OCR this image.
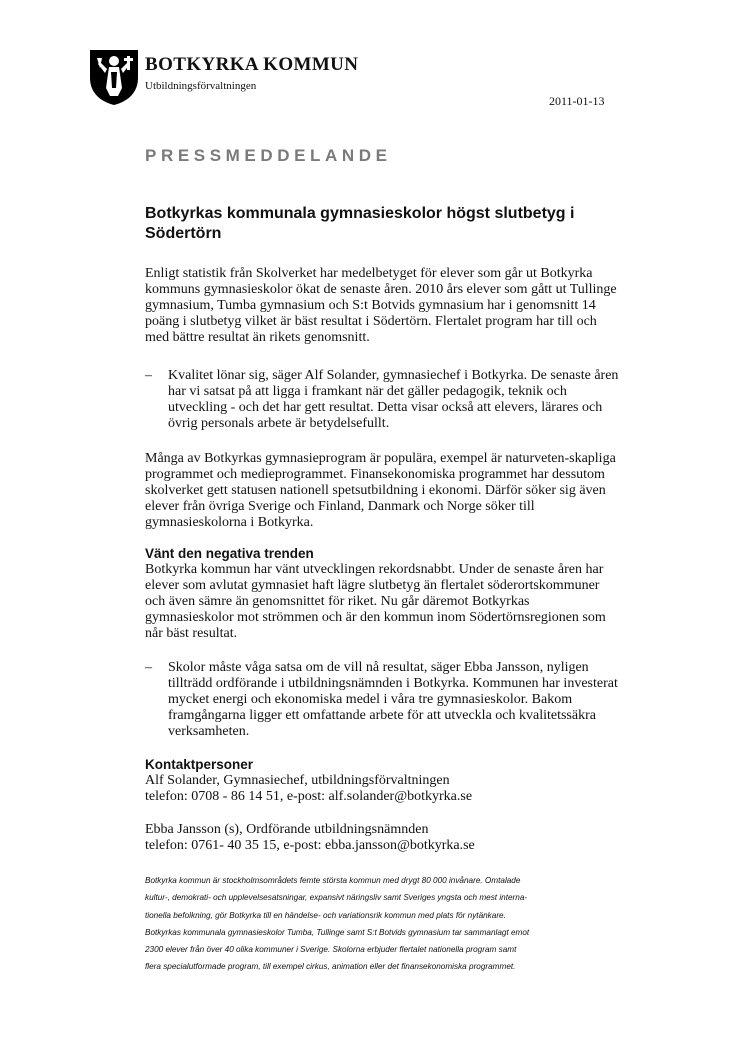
BOTKYRKA KOMMUN
Utbildningsförvaltningen
2011-01-13
PRESSMEDDELANDE
Botkyrkas kommunala gymnasieskolor högst slutbetyg i Södertörn
Enligt statistik från Skolverket har medelbetyget för elever som går ut Botkyrka kommuns gymnasieskolor ökat de senaste åren. 2010 års elever som gått ut Tullinge gymnasium, Tumba gymnasium och S:t Botvids gymnasium har i genomsnitt 14 poäng i slutbetyg vilket är bäst resultat i Södertörn. Flertalet program har till och med bättre resultat än rikets genomsnitt.
– Kvalitet lönar sig, säger Alf Solander, gymnasiechef i Botkyrka. De senaste åren har vi satsat på att ligga i framkant när det gäller pedagogik, teknik och utveckling - och det har gett resultat. Detta visar också att elevers, lärares och övrig personals arbete är betydelsefullt.
Många av Botkyrkas gymnasieprogram är populära, exempel är naturveten-skapliga programmet och medieprogrammet. Finansekonomiska programmet har dessutom skolverket gett statusen nationell spetsutbildning i ekonomi. Därför söker sig även elever från övriga Sverige och Finland, Danmark och Norge söker till gymnasieskolorna i Botkyrka.
Vänt den negativa trenden
Botkyrka kommun har vänt utvecklingen rekordsnabbt. Under de senaste åren har elever som avlutat gymnasiet haft lägre slutbetyg än flertalet söderortskommuner och även sämre än genomsnittet för riket. Nu går däremot Botkyrkas gymnasieskolor mot strömmen och är den kommun inom Södertörnsregionen som når bäst resultat.
– Skolor måste våga satsa om de vill nå resultat, säger Ebba Jansson, nyligen tillträdd ordförande i utbildningsnämnden i Botkyrka. Kommunen har investerat mycket energi och ekonomiska medel i våra tre gymnasieskolor. Bakom framgångarna ligger ett omfattande arbete för att utveckla och kvalitetssäkra verksamheten.
Kontaktpersoner
Alf Solander, Gymnasiechef, utbildningsförvaltningen
telefon: 0708 - 86 14 51, e-post: alf.solander@botkyrka.se
Ebba Jansson (s), Ordförande utbildningsnämnden
telefon: 0761- 40 35 15, e-post: ebba.jansson@botkyrka.se
Botkyrka kommun är stockholmsområdets femte största kommun med drygt 80 000 invånare. Omtalade
kultur-, demokrati- och upplevelsesatsningar, expansivt näringsliv samt Sveriges yngsta och mest interna-
tionella befolkning, gör Botkyrka till en händelse- och variationsrik kommun med plats för nytänkare.
Botkyrkas kommunala gymnasieskolor Tumba, Tullinge samt S:t Botvids gymnasium tar sammanlagt emot
2300 elever från över 40 olika kommuner i Sverige. Skolorna erbjuder flertalet nationella program samt
flera specialutformade program, till exempel cirkus, animation eller det finansekonomiska programmet.
